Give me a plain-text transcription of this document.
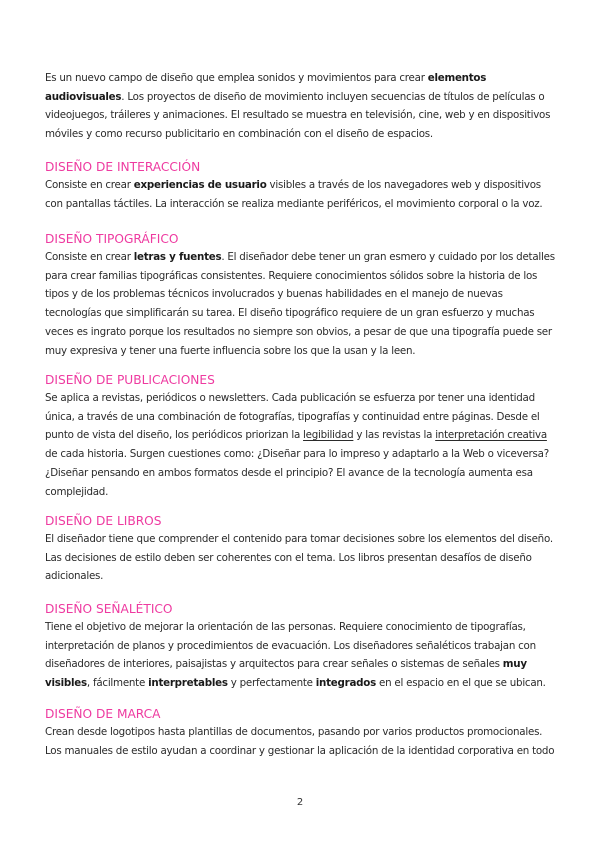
Es un nuevo campo de diseño que emplea sonidos y movimientos para crear elementos audiovisuales. Los proyectos de diseño de movimiento incluyen secuencias de títulos de películas o videojuegos, tráileres y animaciones. El resultado se muestra en televisión, cine, web y en dispositivos móviles y como recurso publicitario en combinación con el diseño de espacios.

DISEÑO DE INTERACCIÓN

Consiste en crear experiencias de usuario visibles a través de los navegadores web y dispositivos con pantallas táctiles. La interacción se realiza mediante periféricos, el movimiento corporal o la voz.

DISEÑO TIPOGRÁFICO

Consiste en crear letras y fuentes. El diseñador debe tener un gran esmero y cuidado por los detalles para crear familias tipográficas consistentes. Requiere conocimientos sólidos sobre la historia de los tipos y de los problemas técnicos involucrados y buenas habilidades en el manejo de nuevas tecnologías que simplificarán su tarea. El diseño tipográfico requiere de un gran esfuerzo y muchas veces es ingrato porque los resultados no siempre son obvios, a pesar de que una tipografía puede ser muy expresiva y tener una fuerte influencia sobre los que la usan y la leen.

DISEÑO DE PUBLICACIONES

Se aplica a revistas, periódicos o newsletters. Cada publicación se esfuerza por tener una identidad única, a través de una combinación de fotografías, tipografías y continuidad entre páginas. Desde el punto de vista del diseño, los periódicos priorizan la legibilidad y las revistas la interpretación creativa de cada historia. Surgen cuestiones como: ¿Diseñar para lo impreso y adaptarlo a la Web o viceversa? ¿Diseñar pensando en ambos formatos desde el principio? El avance de la tecnología aumenta esa complejidad.

DISEÑO DE LIBROS

El diseñador tiene que comprender el contenido para tomar decisiones sobre los elementos del diseño. Las decisiones de estilo deben ser coherentes con el tema. Los libros presentan desafíos de diseño adicionales.

DISEÑO SEÑALÉTICO

Tiene el objetivo de mejorar la orientación de las personas. Requiere conocimiento de tipografías, interpretación de planos y procedimientos de evacuación. Los diseñadores señaléticos trabajan con diseñadores de interiores, paisajistas y arquitectos para crear señales o sistemas de señales muy visibles, fácilmente interpretables y perfectamente integrados en el espacio en el que se ubican.

DISEÑO DE MARCA

Crean desde logotipos hasta plantillas de documentos, pasando por varios productos promocionales. Los manuales de estilo ayudan a coordinar y gestionar la aplicación de la identidad corporativa en todo

2
